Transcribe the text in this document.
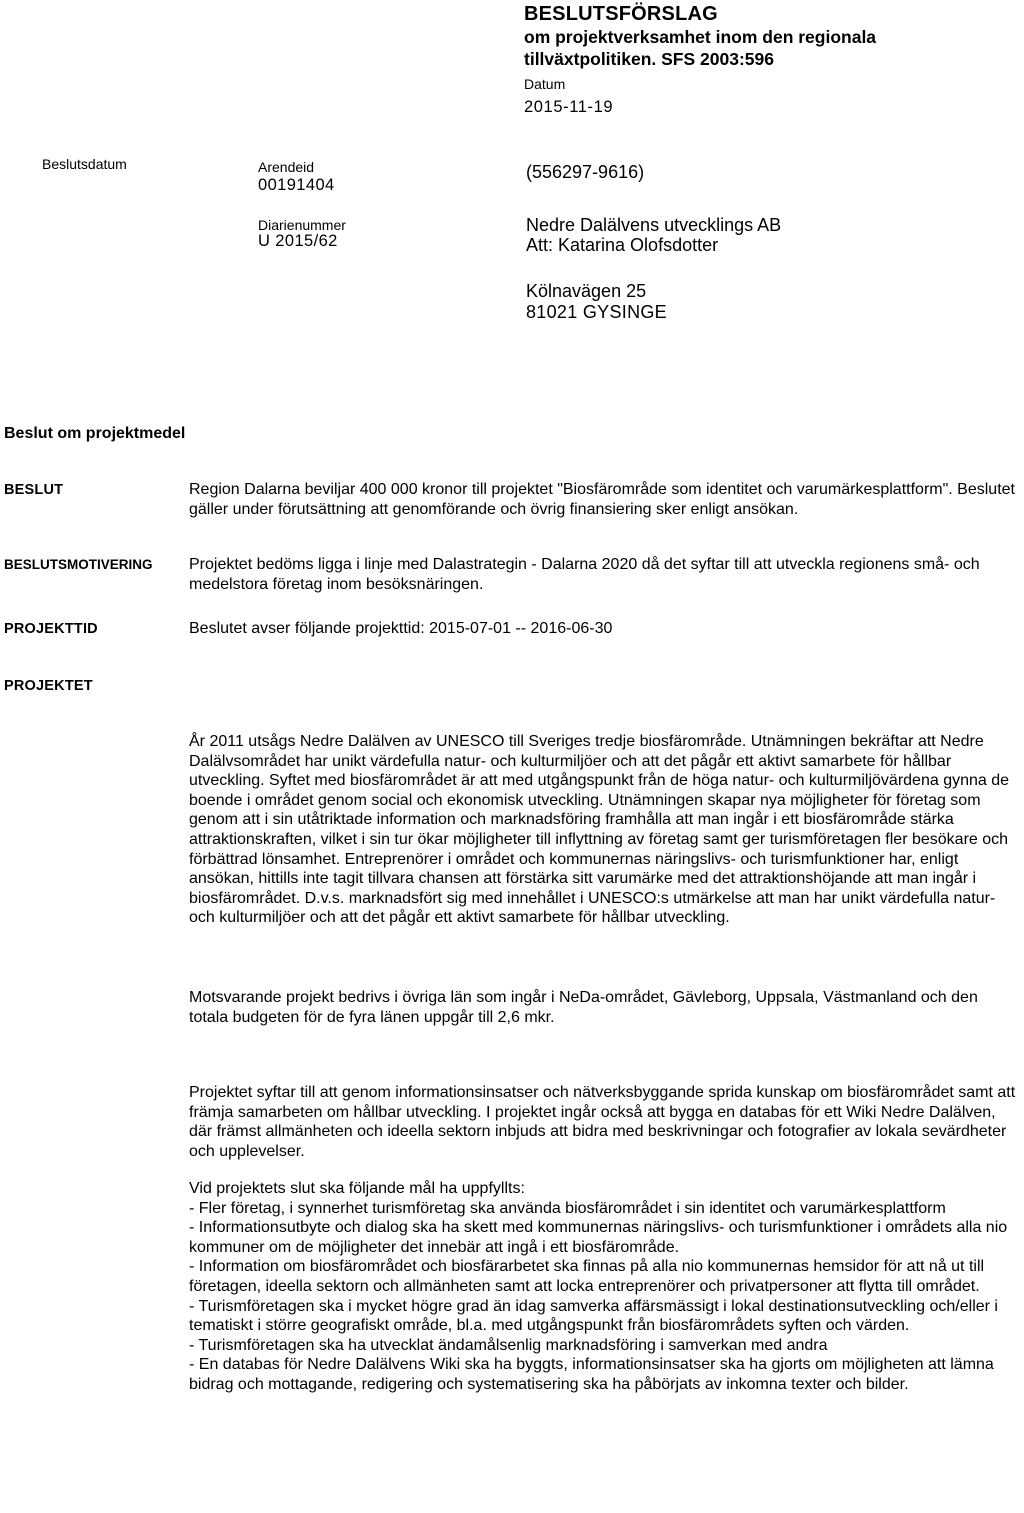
BESLUTSFÖRSLAG
om projektverksamhet inom den regionala tillväxtpolitiken. SFS 2003:596
Datum
2015-11-19
Beslutsdatum	Arendeid
00191404
Diarienummer
U 2015/62
(556297-9616)
Nedre Dalälvens utvecklings AB
Att: Katarina Olofsdotter
Kölnavägen 25
81021 GYSINGE
Beslut om projektmedel
BESLUT
BESLUTSMOTIVERING
PROJEKTTID
PROJEKTET
Region Dalarna beviljar 400 000 kronor till projektet "Biosfärområde som identitet och varumärkesplattform". Beslutet gäller under förutsättning att genomförande och övrig finansiering sker enligt ansökan.
Projektet bedöms ligga i linje med Dalastrategin - Dalarna 2020 då det syftar till att utveckla regionens små- och medelstora företag inom besöksnäringen.
Beslutet avser följande projekttid: 2015-07-01 -- 2016-06-30
År 2011 utsågs Nedre Dalälven av UNESCO till Sveriges tredje biosfärområde. Utnämningen bekräftar att Nedre Dalälvsområdet har unikt värdefulla natur- och kulturmiljöer och att det pågår ett aktivt samarbete för hållbar utveckling. Syftet med biosfärområdet är att med utgångspunkt från de höga natur- och kulturmiljövärdena gynna de boende i området genom social och ekonomisk utveckling. Utnämningen skapar nya möjligheter för företag som genom att i sin utåtriktade information och marknadsföring framhålla att man ingår i ett biosfärområde stärka attraktionskraften, vilket i sin tur ökar möjligheter till inflyttning av företag samt ger turismföretagen fler besökare och förbättrad lönsamhet. Entreprenörer i området och kommunernas näringslivs- och turismfunktioner har, enligt ansökan, hittills inte tagit tillvara chansen att förstärka sitt varumärke med det attraktionshöjande att man ingår i biosfärområdet. D.v.s. marknadsfört sig med innehållet i UNESCO:s utmärkelse att man har unikt värdefulla natur- och kulturmiljöer och att det pågår ett aktivt samarbete för hållbar utveckling.
Motsvarande projekt bedrivs i övriga län som ingår i NeDa-området, Gävleborg, Uppsala, Västmanland och den totala budgeten för de fyra länen uppgår till 2,6 mkr.
Projektet syftar till att genom informationsinsatser och nätverksbyggande sprida kunskap om biosfärområdet samt att främja samarbeten om hållbar utveckling. I projektet ingår också att bygga en databas för ett Wiki Nedre Dalälven, där främst allmänheten och ideella sektorn inbjuds att bidra med beskrivningar och fotografier av lokala sevärdheter och upplevelser.
Vid projektets slut ska följande mål ha uppfyllts:
- Fler företag, i synnerhet turismföretag ska använda biosfärområdet i sin identitet och varumärkesplattform
- Informationsutbyte och dialog ska ha skett med kommunernas näringslivs- och turismfunktioner i områdets alla nio kommuner om de möjligheter det innebär att ingå i ett biosfärområde.
- Information om biosfärområdet och biosfärarbetet ska finnas på alla nio kommunernas hemsidor för att nå ut till företagen, ideella sektorn och allmänheten samt att locka entreprenörer och privatpersoner att flytta till området.
- Turismföretagen ska i mycket högre grad än idag samverka affärsmässigt i lokal destinationsutveckling och/eller i tematiskt i större geografiskt område, bl.a. med utgångspunkt från biosfärområdets syften och värden.
- Turismföretagen ska ha utvecklat ändamålsenlig marknadsföring i samverkan med andra
- En databas för Nedre Dalälvens Wiki ska ha byggts, informationsinsatser ska ha gjorts om möjligheten att lämna bidrag och mottagande, redigering och systematisering ska ha påbörjats av inkomna texter och bilder.
